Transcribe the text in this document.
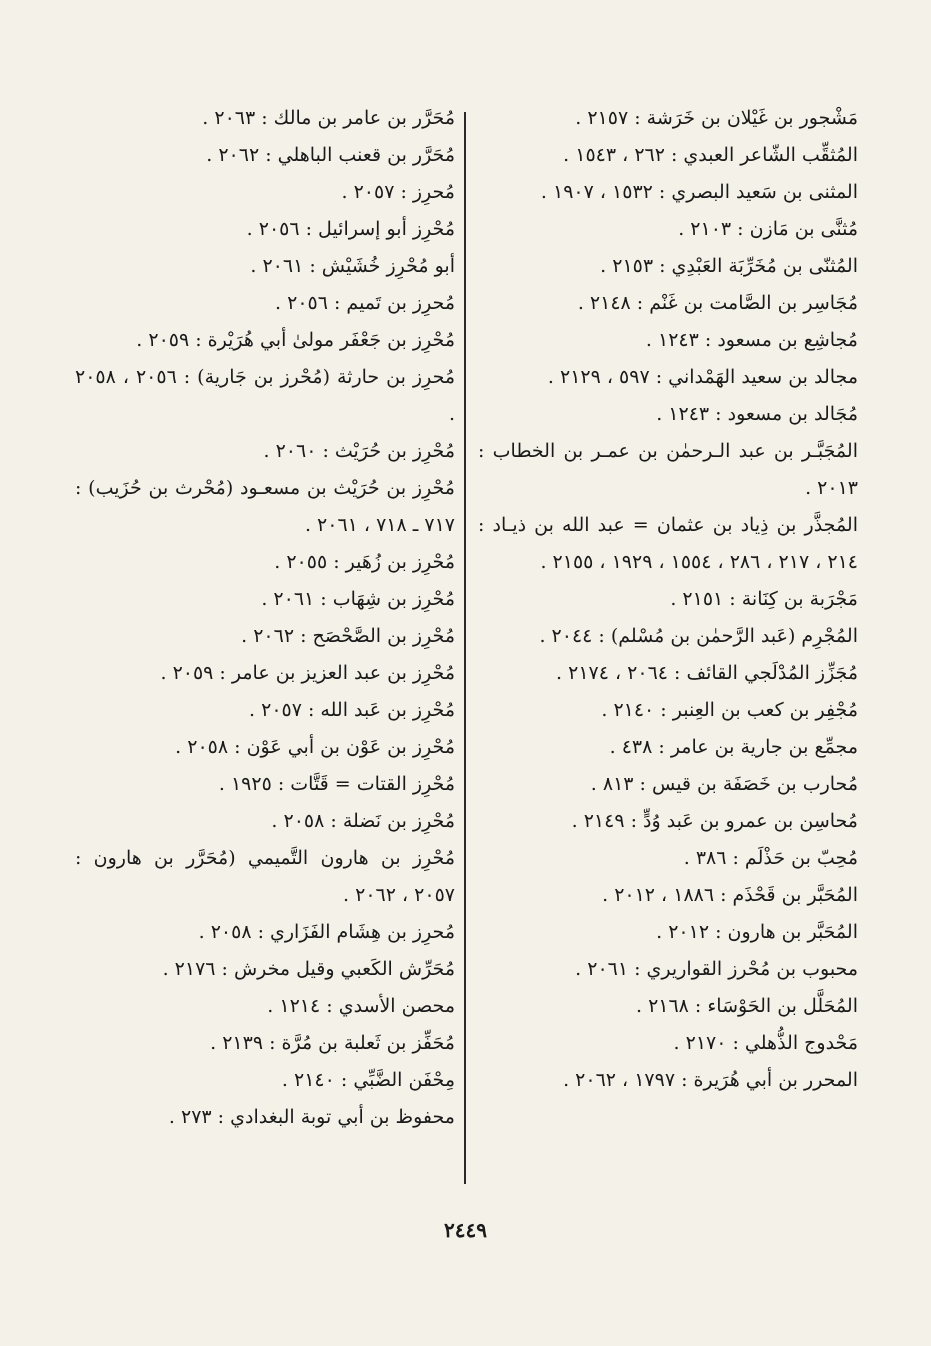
مَشْجور بن غَيْلان بن خَرَشة : ٢١٥٧ .
المُثقِّب الشّاعر العبدي : ٢٦٢ ، ١٥٤٣ .
المثنى بن سَعيد البصري : ١٥٣٢ ، ١٩٠٧ .
مُثنَّى بن مَازن : ٢١٠٣ .
المُثنّى بن مُخَرِّبَة العَبْدِي : ٢١٥٣ .
مُجَاسِر بن الصَّامت بن غَنْم : ٢١٤٨ .
مُجاشِع بن مسعود : ١٢٤٣ .
مجالد بن سعيد الهَمْداني : ٥٩٧ ، ٢١٢٩ .
مُجَالد بن مسعود : ١٢٤٣ .
المُجَبَّـر بن عبد الـرحمٰن بن عمـر بن الخطاب : ٢٠١٣ .
المُجذَّر بن ذِياد بن عثمان = عبد الله بن ذيـاد : ٢١٤ ، ٢١٧ ، ٢٨٦ ، ١٥٥٤ ، ١٩٢٩ ، ٢١٥٥ .
مَجْرَبة بن كِنَانة : ٢١٥١ .
المُجْرِم (عَبد الرَّحمٰن بن مُسْلم) : ٢٠٤٤ .
مُجَزِّز المُدْلَجي القائف : ٢٠٦٤ ، ٢١٧٤ .
مُجْفِر بن كعب بن العِنبر : ٢١٤٠ .
مجمِّع بن جارية بن عامر : ٤٣٨ .
مُحارب بن خَصَفَة بن قيس : ٨١٣ .
مُحاسِن بن عمرو بن عَبد وُدٍّ : ٢١٤٩ .
مُحِبّ بن حَذْلَم : ٣٨٦ .
المُحَبَّر بن قَحْذَم : ١٨٨٦ ، ٢٠١٢ .
المُحَبَّر بن هارون : ٢٠١٢ .
محبوب بن مُحْرز القواريري : ٢٠٦١ .
المُحَلَّل بن الحَوْسَاء : ٢١٦٨ .
مَحْدوج الذُّهلي : ٢١٧٠ .
المحرر بن أبي هُرَيرة : ١٧٩٧ ، ٢٠٦٢ .
مُحَرَّر بن عامر بن مالك : ٢٠٦٣ .
مُحَرَّر بن قعنب الباهلي : ٢٠٦٢ .
مُحرِز : ٢٠٥٧ .
مُحْرِز أبو إسرائيل : ٢٠٥٦ .
أبو مُحْرِز خُشَيْش : ٢٠٦١ .
مُحرِز بن تَميم : ٢٠٥٦ .
مُحْرِز بن جَعْفَر مولىٰ أبي هُرَيْرة : ٢٠٥٩ .
مُحرِز بن حارثة (مُحْرز بن جَارية) : ٢٠٥٦ ، ٢٠٥٨ .
مُحْرِز بن حُرَيْث : ٢٠٦٠ .
مُحْرِز بن حُرَيْث بن مسعـود (مُحْرث بن حُزَيب) : ٧١٧ ـ ٧١٨ ، ٢٠٦١ .
مُحْرِز بن زُهَير : ٢٠٥٥ .
مُحْرِز بن شِهَاب : ٢٠٦١ .
مُحْرِز بن الصَّحْصَح : ٢٠٦٢ .
مُحْرِز بن عبد العزيز بن عامر : ٢٠٥٩ .
مُحْرِز بن عَبد الله : ٢٠٥٧ .
مُحْرِز بن عَوْن بن أبي عَوْن : ٢٠٥٨ .
مُحْرِز القتات = قَتَّات : ١٩٢٥ .
مُحْرِز بن نَضلة : ٢٠٥٨ .
مُحْرِز بن هارون التَّميمي (مُحَرَّر بن هارون : ٢٠٥٧ ، ٢٠٦٢ .
مُحرِز بن هِشَام الفَزَاري : ٢٠٥٨ .
مُحَرِّش الكَعبي وقيل مخرش : ٢١٧٦ .
محصن الأسدي : ١٢١٤ .
مُحَفِّز بن ثَعلبة بن مُرَّة : ٢١٣٩ .
مِحْفَن الضَّبِّي : ٢١٤٠ .
محفوظ بن أبي توبة البغدادي : ٢٧٣ .
٢٤٤٩
